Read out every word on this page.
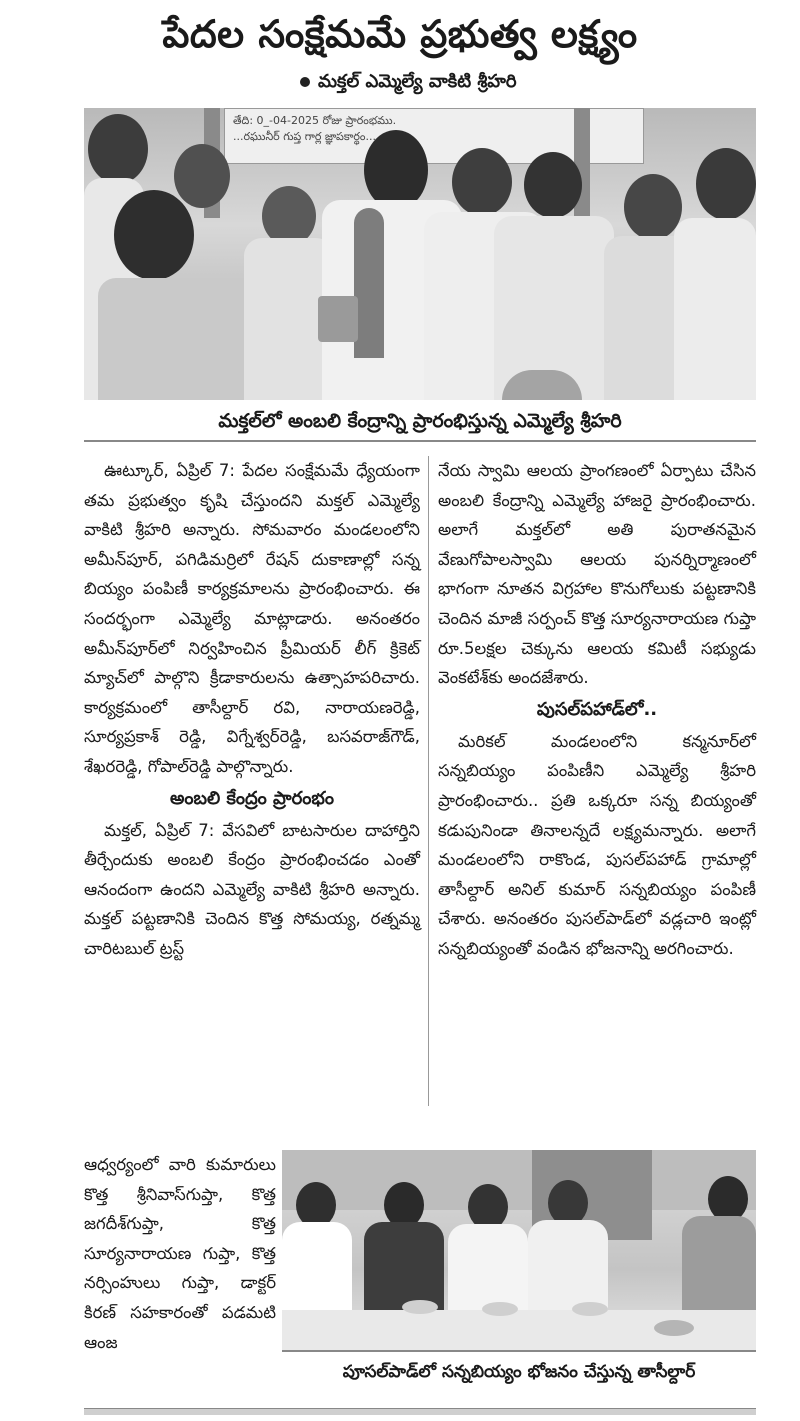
పేదల సంక్షేమమే ప్రభుత్వ లక్ష్యం
మక్తల్ ఎమ్మెల్యే వాకిటి శ్రీహరి
తేది: 0_-04-2025 రోజు ప్రారంభము.
...రఘునీర్ గుప్త గార్ల జ్ఞాపకార్థం...
మక్తల్‌లో అంబలి కేంద్రాన్ని ప్రారంభిస్తున్న ఎమ్మెల్యే శ్రీహరి

ఊట్కూర్, ఏప్రిల్ 7: పేదల సంక్షేమమే ధ్యేయంగా తమ ప్రభుత్వం కృషి చేస్తుందని మక్తల్ ఎమ్మెల్యే వాకిటి శ్రీహరి అన్నారు. సోమవారం మండలంలోని అమీన్‌పూర్, పగిడిమర్రిలో రేషన్ దుకాణాల్లో సన్న బియ్యం పంపిణీ కార్యక్రమాలను ప్రారంభించారు. ఈ సందర్భంగా ఎమ్మెల్యే మాట్లాడారు. అనంతరం అమీన్‌పూర్‌లో నిర్వహించిన ప్రీమియర్ లీగ్ క్రికెట్ మ్యాచ్‌లో పాల్గొని క్రీడాకారులను ఉత్సాహపరిచారు. కార్యక్రమంలో తాసీల్దార్ రవి, నారాయణరెడ్డి, సూర్యప్రకాశ్ రెడ్డి, విగ్నేశ్వర్‌రెడ్డి, బసవరాజ్‌గౌడ్, శేఖరరెడ్డి, గోపాల్‌రెడ్డి పాల్గొన్నారు.

అంబలి కేంద్రం ప్రారంభం

మక్తల్, ఏప్రిల్ 7: వేసవిలో బాటసారుల దాహార్తిని తీర్చేందుకు అంబలి కేంద్రం ప్రారంభించడం ఎంతో ఆనందంగా ఉందని ఎమ్మెల్యే వాకిటి శ్రీహరి అన్నారు. మక్తల్ పట్టణానికి చెందిన కొత్త సోమయ్య, రత్నమ్మ చారిటబుల్ ట్రస్ట్

నేయ స్వామి ఆలయ ప్రాంగణంలో ఏర్పాటు చేసిన అంబలి కేంద్రాన్ని ఎమ్మెల్యే హాజరై ప్రారంభించారు. అలాగే మక్తల్‌లో అతి పురాతనమైన వేణుగోపాలస్వామి ఆలయ పునర్నిర్మాణంలో భాగంగా నూతన విగ్రహాల కొనుగోలుకు పట్టణానికి చెందిన మాజీ సర్పంచ్ కొత్త సూర్యనారాయణ గుప్తా రూ.5లక్షల చెక్కును ఆలయ కమిటీ సభ్యుడు వెంకటేశ్‌కు అందజేశారు.

పుసల్‌పహాడ్‌లో..

మరికల్ మండలంలోని కన్మనూర్‌లో సన్నబియ్యం పంపిణీని ఎమ్మెల్యే శ్రీహరి ప్రారంభించారు.. ప్రతి ఒక్కరూ సన్న బియ్యంతో కడుపునిండా తినాలన్నదే లక్ష్యమన్నారు. అలాగే మండలంలోని రాకొండ, పుసల్‌పహాడ్ గ్రామాల్లో తాసీల్దార్ అనిల్ కుమార్ సన్నబియ్యం పంపిణీ చేశారు. అనంతరం పుసల్‌పాడ్‌లో వడ్లచారి ఇంట్లో సన్నబియ్యంతో వండిన భోజనాన్ని అరగించారు.

ఆధ్వర్యంలో వారి కుమారులు కొత్త శ్రీనివాస్‌గుప్తా, కొత్త జగదీశ్‌గుప్తా, కొత్త సూర్యనారాయణ గుప్తా, కొత్త నర్సింహులు గుప్తా, డాక్టర్ కిరణ్ సహకారంతో పడమటి ఆంజ
పూసల్‌పాడ్‌లో సన్నబియ్యం భోజనం చేస్తున్న తాసీల్దార్
